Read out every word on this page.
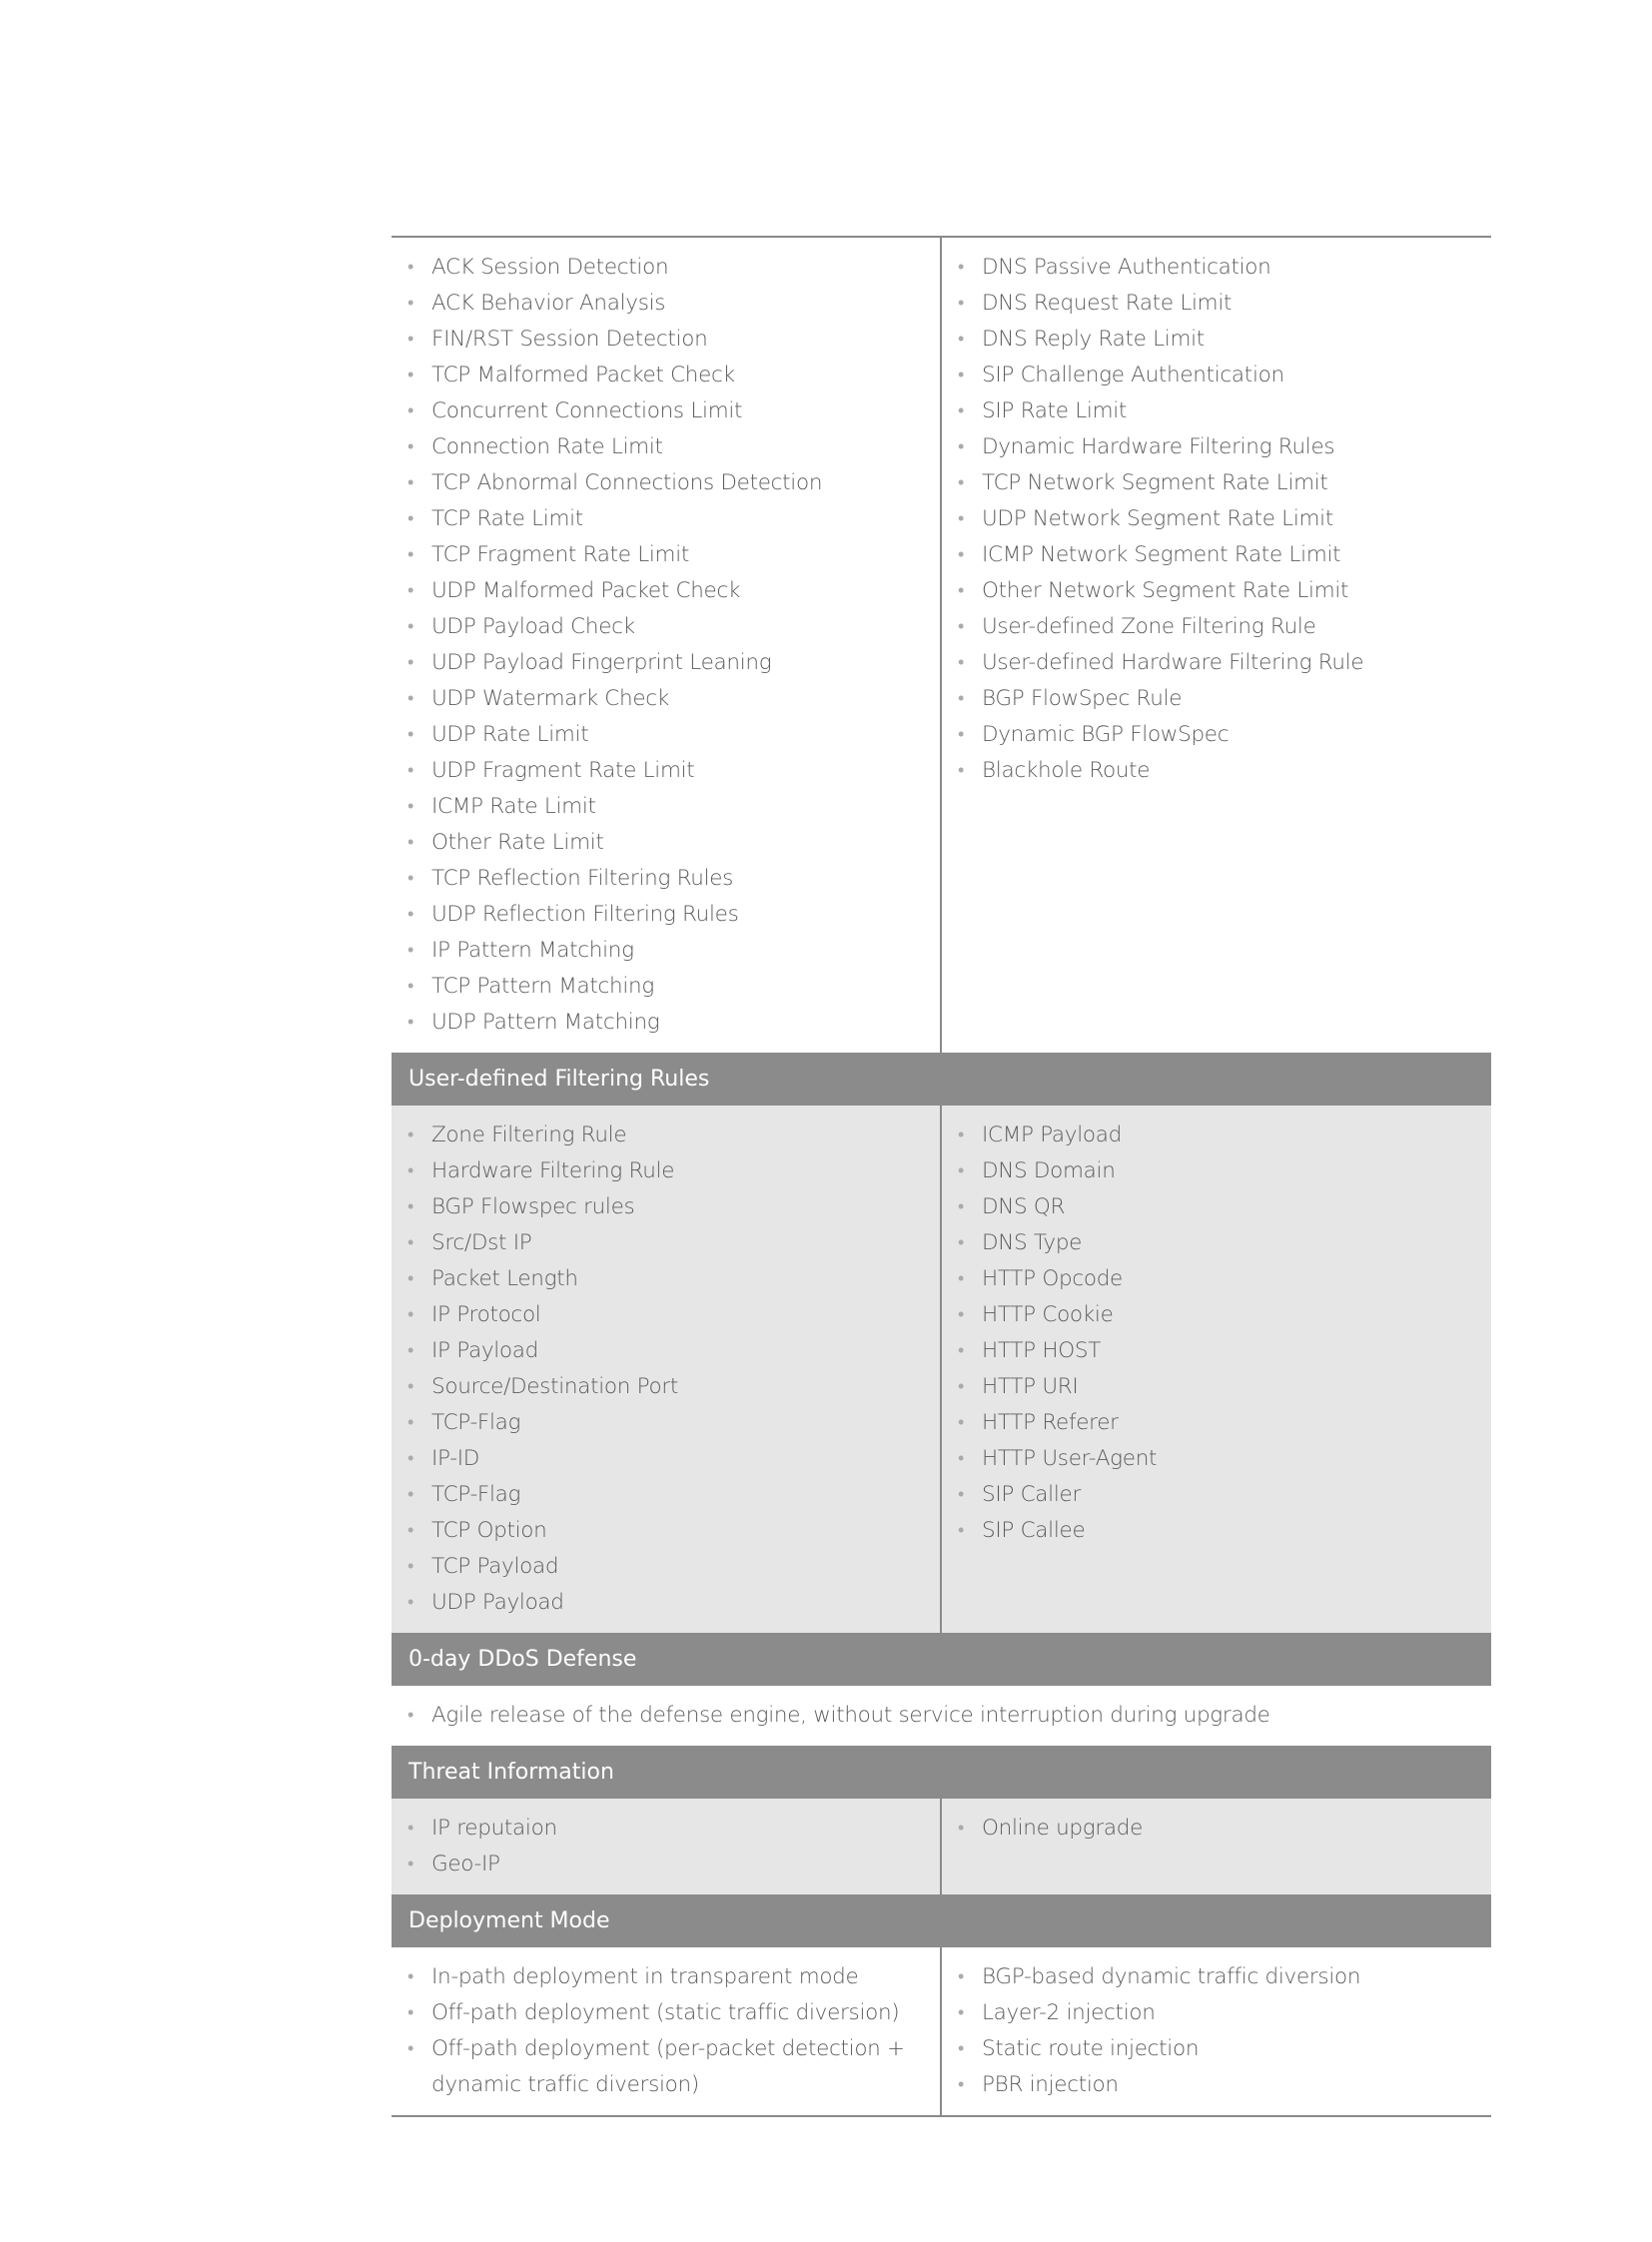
• ACK Session Detection
• ACK Behavior Analysis
• FIN/RST Session Detection
• TCP Malformed Packet Check
• Concurrent Connections Limit
• Connection Rate Limit
• TCP Abnormal Connections Detection
• TCP Rate Limit
• TCP Fragment Rate Limit
• UDP Malformed Packet Check
• UDP Payload Check
• UDP Payload Fingerprint Leaning
• UDP Watermark Check
• UDP Rate Limit
• UDP Fragment Rate Limit
• ICMP Rate Limit
• Other Rate Limit
• TCP Reflection Filtering Rules
• UDP Reflection Filtering Rules
• IP Pattern Matching
• TCP Pattern Matching
• UDP Pattern Matching
• DNS Passive Authentication
• DNS Request Rate Limit
• DNS Reply Rate Limit
• SIP Challenge Authentication
• SIP Rate Limit
• Dynamic Hardware Filtering Rules
• TCP Network Segment Rate Limit
• UDP Network Segment Rate Limit
• ICMP Network Segment Rate Limit
• Other Network Segment Rate Limit
• User-defined Zone Filtering Rule
• User-defined Hardware Filtering Rule
• BGP FlowSpec Rule
• Dynamic BGP FlowSpec
• Blackhole Route
User-defined Filtering Rules
• Zone Filtering Rule
• Hardware Filtering Rule
• BGP Flowspec rules
• Src/Dst IP
• Packet Length
• IP Protocol
• IP Payload
• Source/Destination Port
• TCP-Flag
• IP-ID
• TCP-Flag
• TCP Option
• TCP Payload
• UDP Payload
• ICMP Payload
• DNS Domain
• DNS QR
• DNS Type
• HTTP Opcode
• HTTP Cookie
• HTTP HOST
• HTTP URI
• HTTP Referer
• HTTP User-Agent
• SIP Caller
• SIP Callee
0-day DDoS Defense
• Agile release of the defense engine, without service interruption during upgrade
Threat Information
• IP reputaion
• Geo-IP
• Online upgrade
Deployment Mode
• In-path deployment in transparent mode
• Off-path deployment (static traffic diversion)
• Off-path deployment (per-packet detection + dynamic traffic diversion)
• BGP-based dynamic traffic diversion
• Layer-2 injection
• Static route injection
• PBR injection
